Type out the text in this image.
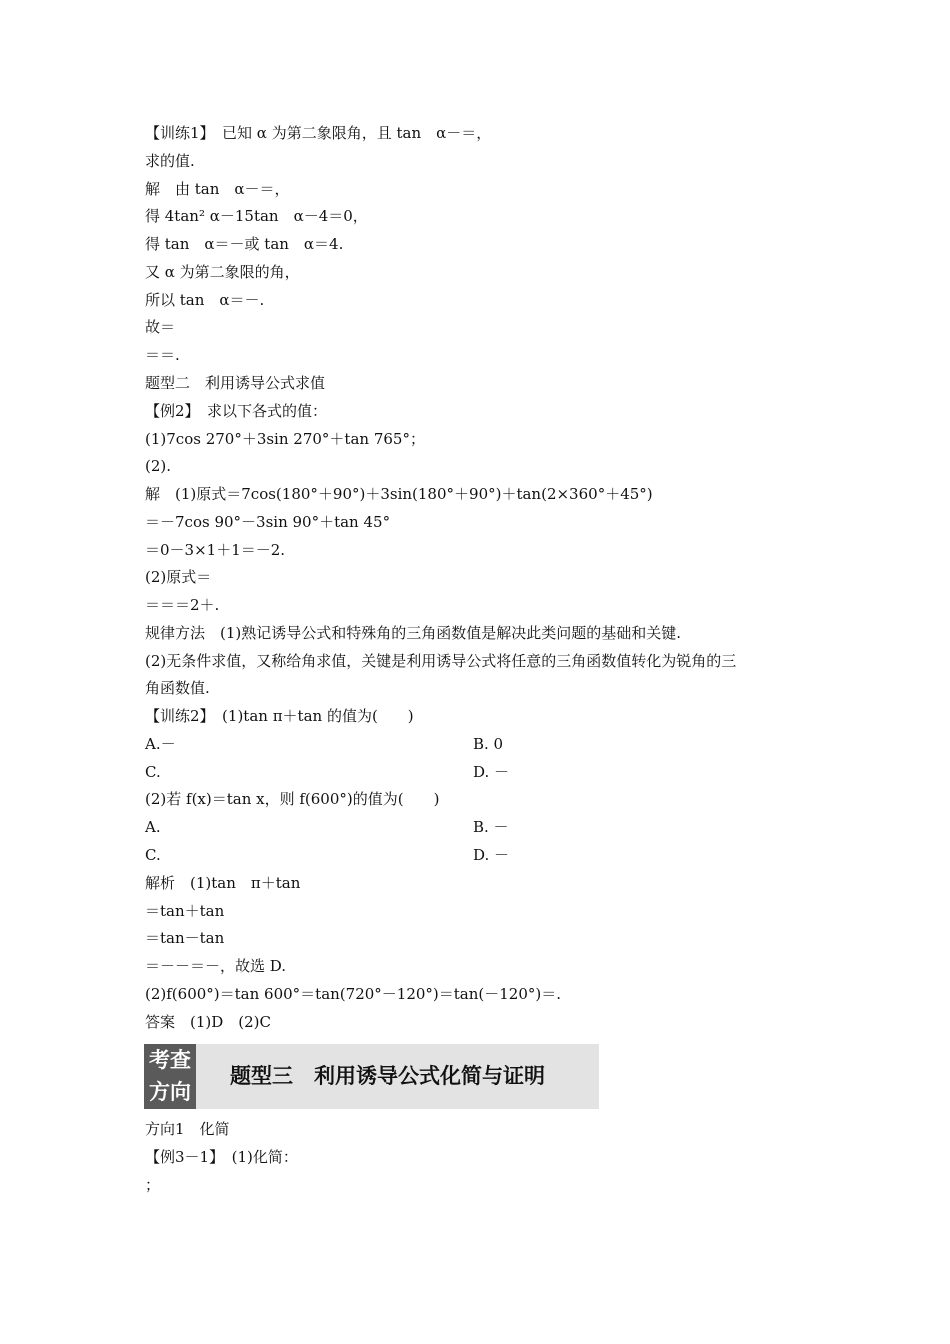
【训练1】　已知 α 为第二象限角，且 tan　α－＝，
求的值.
解　由 tan　α－＝，
得 4tan² α－15tan　α－4＝0，
得 tan　α＝－或 tan　α＝4.
又 α 为第二象限的角，
所以 tan　α＝－.
故＝
＝＝.
题型二　利用诱导公式求值
【例2】　求以下各式的值：
(1)7cos 270°＋3sin 270°＋tan 765°；
(2).
解　(1)原式＝7cos(180°＋90°)＋3sin(180°＋90°)＋tan(2×360°＋45°)
＝－7cos 90°－3sin 90°＋tan 45°
＝0－3×1＋1＝－2.
(2)原式＝
＝＝＝2＋.
规律方法　(1)熟记诱导公式和特殊角的三角函数值是解决此类问题的基础和关键.
(2)无条件求值，又称给角求值，关键是利用诱导公式将任意的三角函数值转化为锐角的三
角函数值.
【训练2】　(1)tan π＋tan 的值为(　　)
A.－	B. 0
C.	D. －
(2)若 f(x)＝tan x，则 f(600°)的值为(　　)
A.	B. －
C.	D. －
解析　(1)tan　π＋tan
＝tan＋tan
＝tan－tan
＝－－＝－，故选 D.
(2)f(600°)＝tan 600°＝tan(720°－120°)＝tan(－120°)＝.
答案　(1)D　(2)C
考查
方向
题型三　利用诱导公式化简与证明
方向1　化简
【例3－1】　(1)化简：
；
